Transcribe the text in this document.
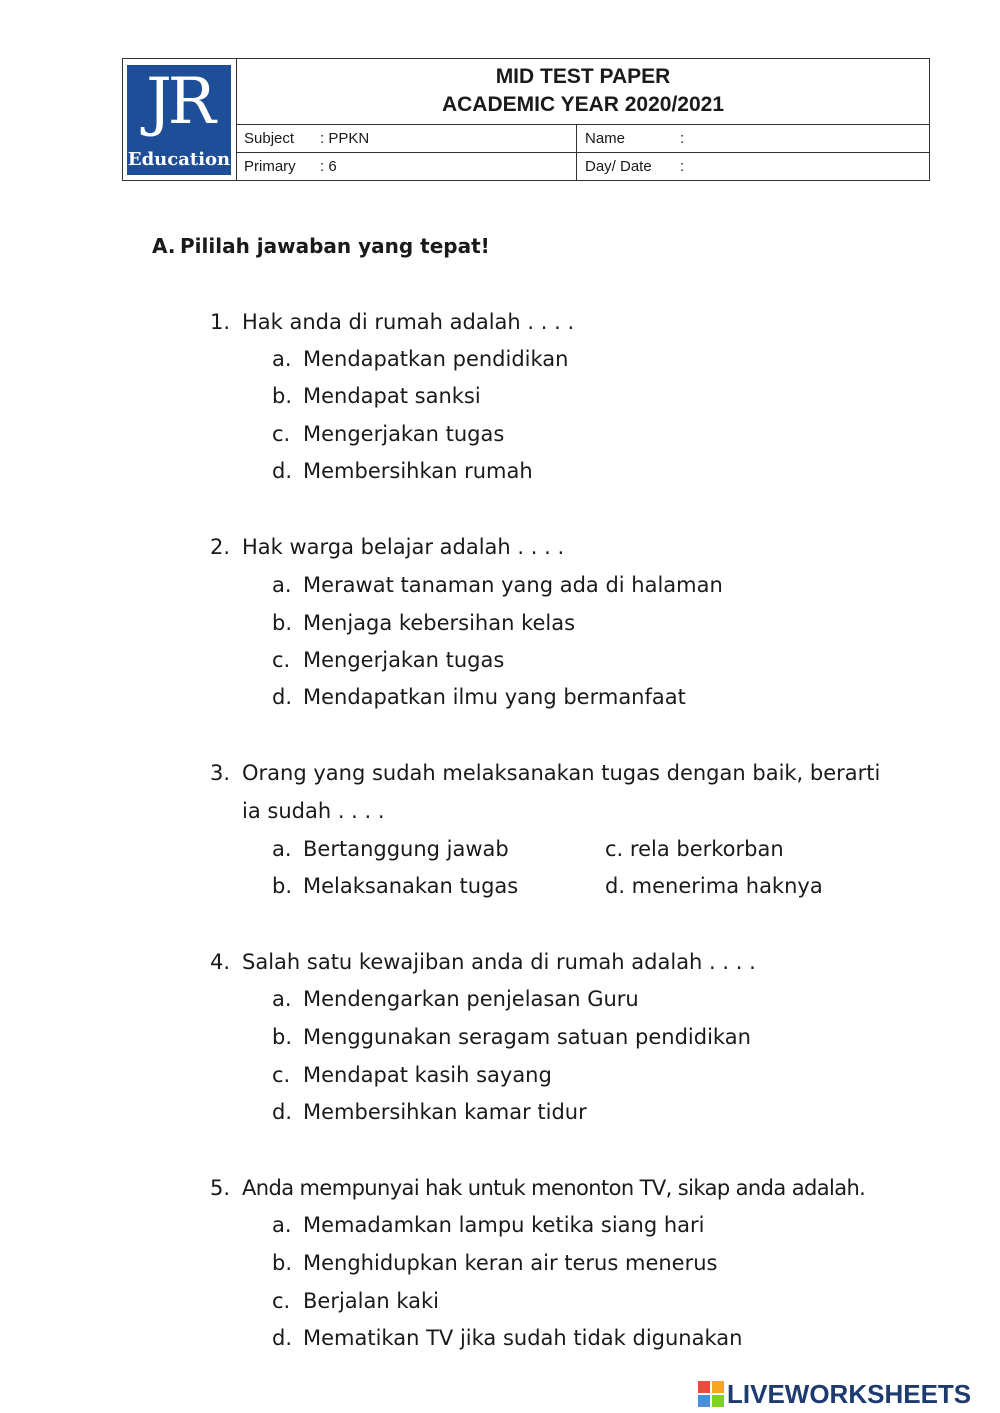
JR
Education
MID TEST PAPER
ACADEMIC YEAR 2020/2021
Subject : PPKN	Name	:
Primary : 6	Day/ Date :
A. Pililah jawaban yang tepat!
1. Hak anda di rumah adalah . . . .
a. Mendapatkan pendidikan
b. Mendapat sanksi
c. Mengerjakan tugas
d. Membersihkan rumah
2. Hak warga belajar adalah . . . .
a. Merawat tanaman yang ada di halaman
b. Menjaga kebersihan kelas
c. Mengerjakan tugas
d. Mendapatkan ilmu yang bermanfaat
3. Orang yang sudah melaksanakan tugas dengan baik, berarti
ia sudah . . . .
a. Bertanggung jawab	c. rela berkorban
b. Melaksanakan tugas	d. menerima haknya
4. Salah satu kewajiban anda di rumah adalah . . . .
a. Mendengarkan penjelasan Guru
b. Menggunakan seragam satuan pendidikan
c. Mendapat kasih sayang
d. Membersihkan kamar tidur
5. Anda mempunyai hak untuk menonton TV, sikap anda adalah.
a. Memadamkan lampu ketika siang hari
b. Menghidupkan keran air terus menerus
c. Berjalan kaki
d. Mematikan TV jika sudah tidak digunakan
LIVEWORKSHEETS
